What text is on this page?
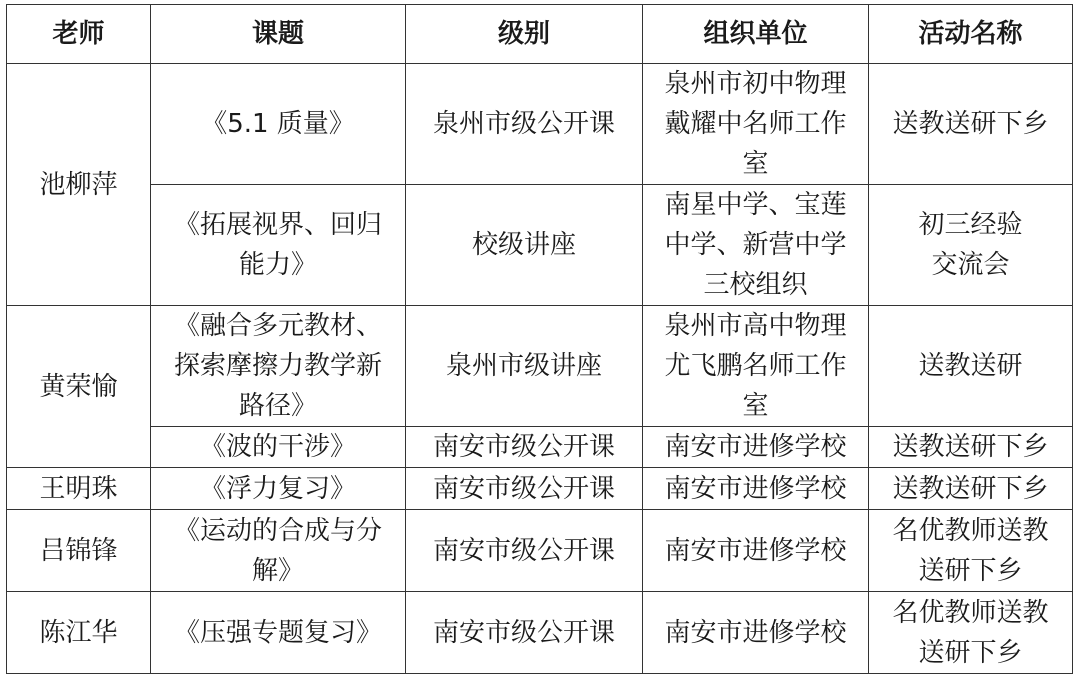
老师	课题	级别	组织单位	活动名称
池柳萍	《5.1 质量》	泉州市级公开课	泉州市初中物理
戴耀中名师工作
室	送教送研下乡
	《拓展视界、回归
能力》	校级讲座	南星中学、宝莲
中学、新营中学
三校组织	初三经验
交流会
黄荣愉	《融合多元教材、
探索摩擦力教学新
路径》	泉州市级讲座	泉州市高中物理
尤飞鹏名师工作
室	送教送研
	《波的干涉》	南安市级公开课	南安市进修学校	送教送研下乡
王明珠	《浮力复习》	南安市级公开课	南安市进修学校	送教送研下乡
吕锦锋	《运动的合成与分
解》	南安市级公开课	南安市进修学校	名优教师送教
送研下乡
陈江华	《压强专题复习》	南安市级公开课	南安市进修学校	名优教师送教
送研下乡
